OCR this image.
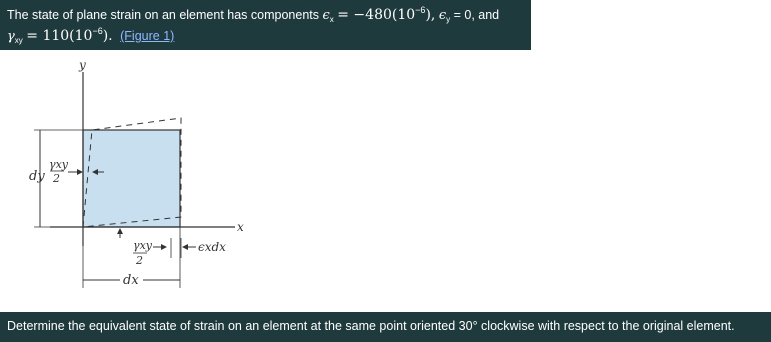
The state of plane strain on an element has components $\epsilon_x = -480(10^{-6})$, $\epsilon_y = 0$, and
$\gamma_{xy} = 110(10^{-6})$. (Figure 1)
y
x
dy
γxy
2
γxy
2
ϵxdx
dx
Determine the equivalent state of strain on an element at the same point oriented 30° clockwise with respect to the original element.
